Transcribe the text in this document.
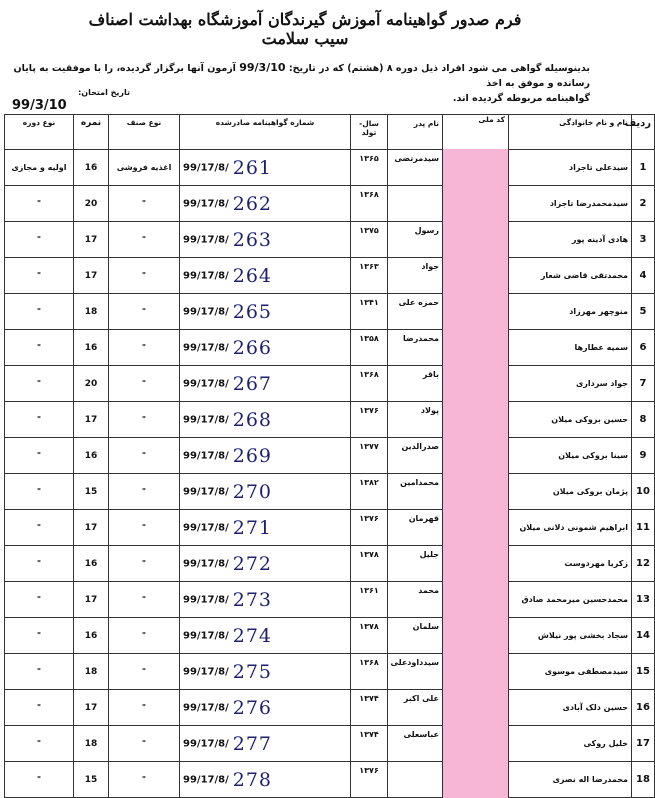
فرم صدور گواهینامه آموزش گیرندگان آموزشگاه بهداشت اصناف سیب سلامت
بدینوسیله گواهی می شود افراد ذیل دوره ۸ (هشتم) که در تاریخ: 99/3/10 آزمون آنها برگزار گردیده، را با موفقیت به پایان رسانده و موفق به اخذ
گواهینامه مربوطه گردیده اند.
تاریخ امتحان:
99/3/10
ردیف	نام و نام خانوادگی	کد ملی	نام پدر	سال- تولد	شماره گواهینامه صادرشده	نوع صنف	نمره	نوع دوره
1	سیدعلی تاجزاد		سیدمرتضی	۱۳۶۵	99/17/8/ 261	اغذیه فروشی	16	اولیه و مجازی
2	سیدمحمدرضا تاجزاد			۱۳۶۸	99/17/8/ 262	"	20	"
3	هادی آدینه پور		رسول	۱۳۷۵	99/17/8/ 263	"	17	"
4	محمدتقی قاضی شعار		جواد	۱۳۶۳	99/17/8/ 264	"	17	"
5	منوچهر مهرزاد		حمزه علی	۱۳۴۱	99/17/8/ 265	"	18	"
6	سمیه عطارها		محمدرضا	۱۳۵۸	99/17/8/ 266	"	16	"
7	جواد سرداری		باقر	۱۳۶۸	99/17/8/ 267	"	20	"
8	حسین بروکی میلان		پولاد	۱۳۷۶	99/17/8/ 268	"	17	"
9	سینا بروکی میلان		صدرالدین	۱۳۷۷	99/17/8/ 269	"	16	"
10	پژمان بروکی میلان		محمدامین	۱۳۸۲	99/17/8/ 270	"	15	"
11	ابراهیم شمونی دلانی میلان		قهرمان	۱۳۷۶	99/17/8/ 271	"	17	"
12	زکریا مهردوست		جلیل	۱۳۷۸	99/17/8/ 272	"	16	"
13	محمدحسین میرمحمد صادق		محمد	۱۳۶۱	99/17/8/ 273	"	17	"
14	سجاد بخشی پور نیلاش		سلمان	۱۳۷۸	99/17/8/ 274	"	16	"
15	سیدمصطفی موسوی		سیدداودعلی	۱۳۶۸	99/17/8/ 275	"	18	"
16	حسین دلک آبادی		علی اکبر	۱۳۷۴	99/17/8/ 276	"	17	"
17	خلیل روکی		عباسعلی	۱۳۷۴	99/17/8/ 277	"	18	"
18	محمدرضا اله نصری			۱۳۷۶	99/17/8/ 278	"	15	"
